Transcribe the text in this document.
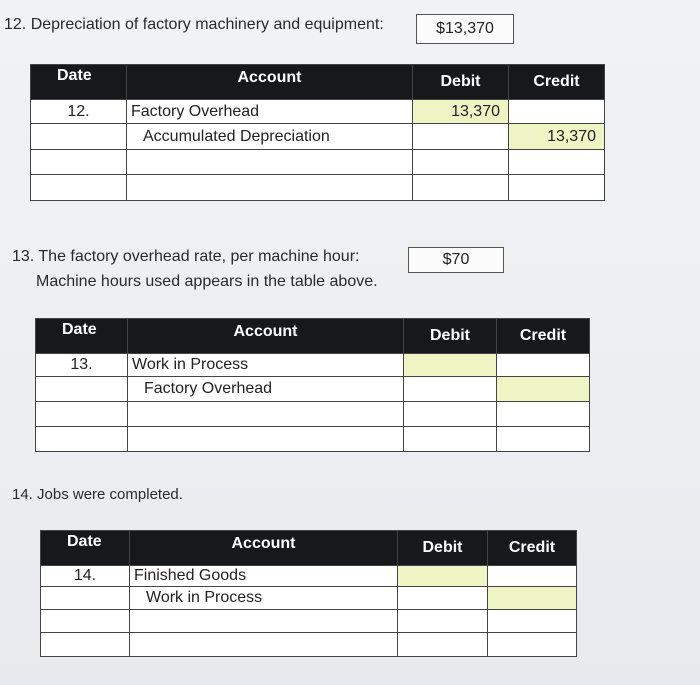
12. Depreciation of factory machinery and equipment:	$13,370
Date	Account	Debit	Credit
12.	Factory Overhead	13,370	
	Accumulated Depreciation		13,370

13. The factory overhead rate, per machine hour:
Machine hours used appears in the table above.
$70
Date	Account	Debit	Credit
13.	Work in Process		
	Factory Overhead		

14. Jobs were completed.
Date	Account	Debit	Credit
14.	Finished Goods		
	Work in Process		
